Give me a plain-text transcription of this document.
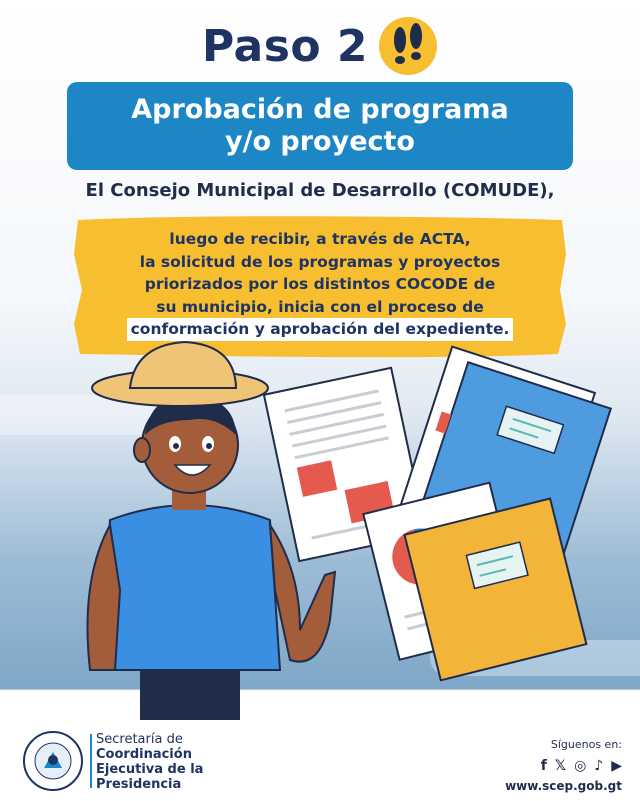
Paso 2
Aprobación de programa
y/o proyecto
El Consejo Municipal de Desarrollo (COMUDE),
luego de recibir, a través de ACTA,
la solicitud de los programas y proyectos
priorizados por los distintos COCODE de
su municipio, inicia con el proceso de
conformación y aprobación del expediente.
Secretaría de
Coordinación
Ejecutiva de la
Presidencia
Síguenos en:
f 𝕏 ◎ ♪ ▶
www.scep.gob.gt
